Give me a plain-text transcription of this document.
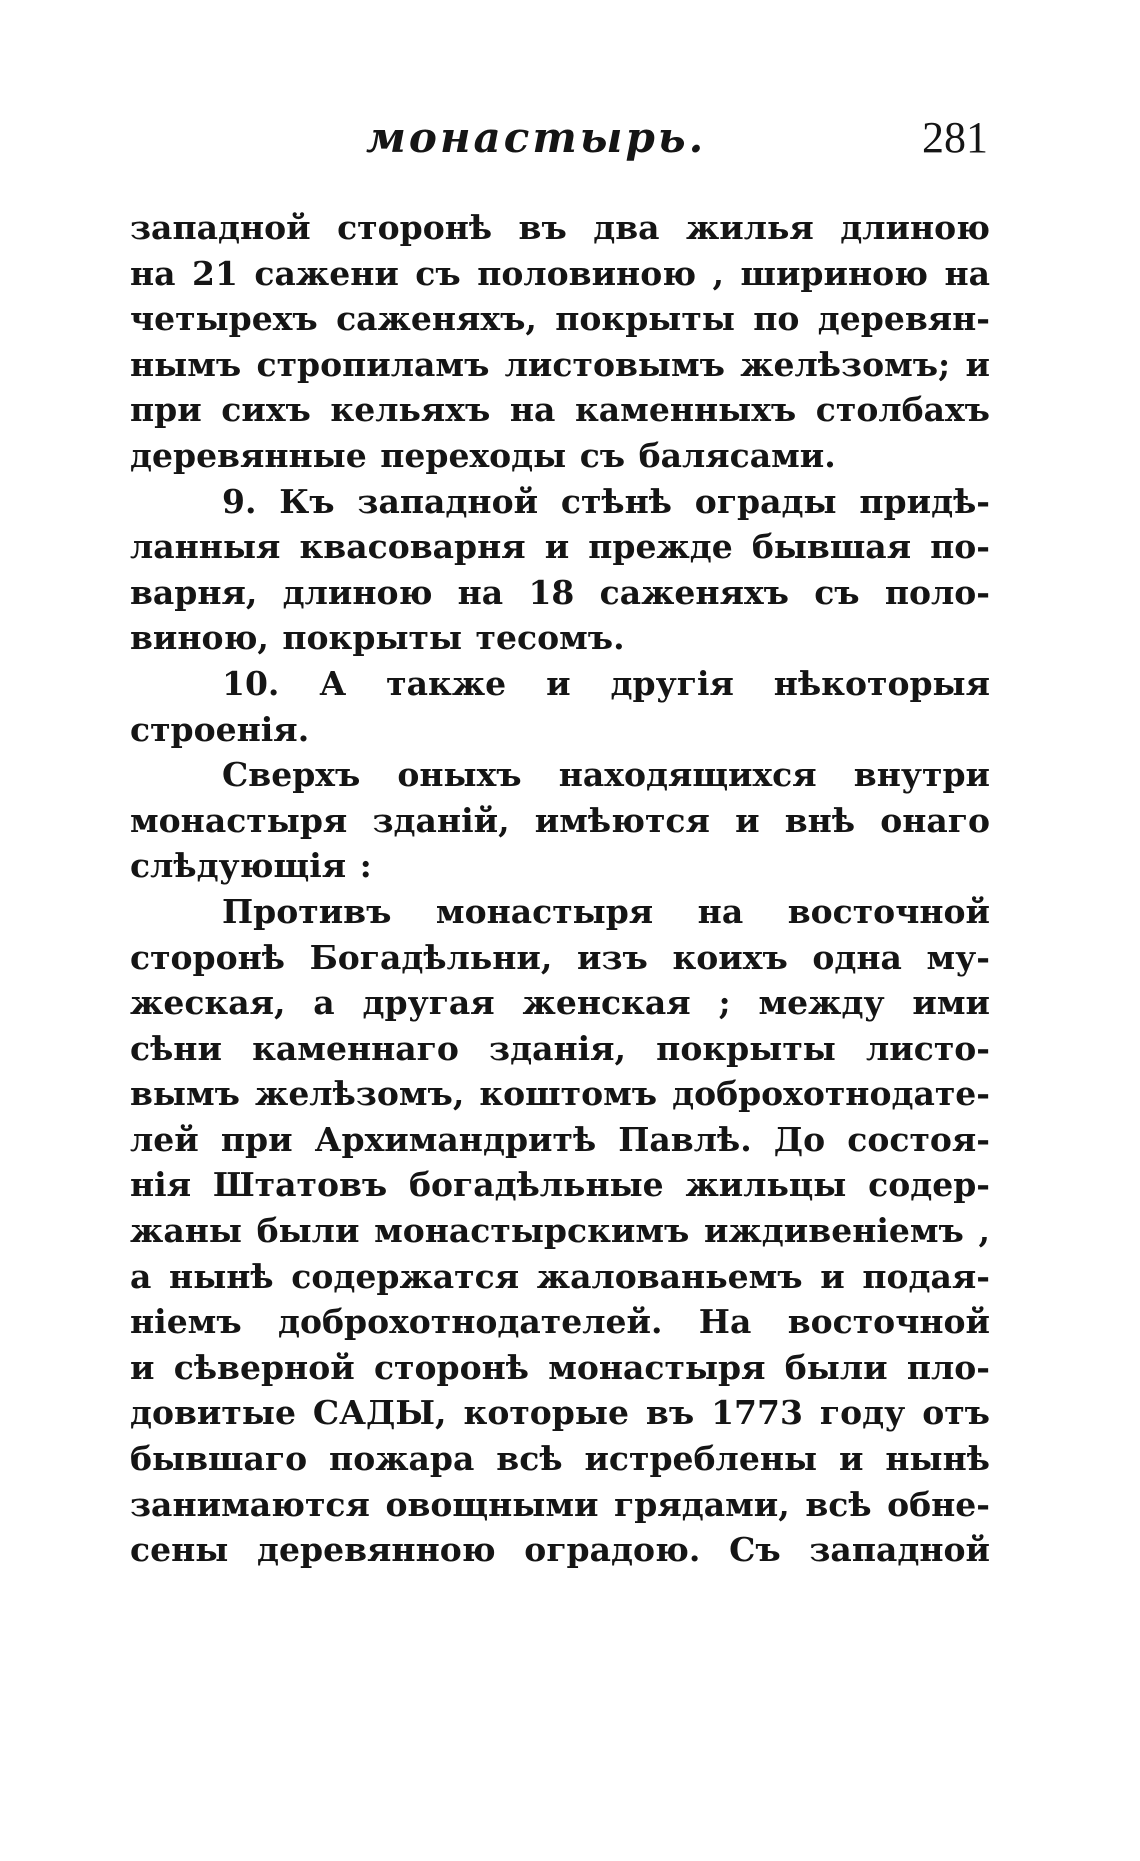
монастырь.	281
западной сторонѣ въ два жилья длиною
на 21 сажени съ половиною , шириною на
четырехъ саженяхъ, покрыты по деревян-
нымъ стропиламъ листовымъ желѣзомъ; и
при сихъ кельяхъ на каменныхъ столбахъ
деревянные переходы съ балясами.
9. Къ западной стѣнѣ ограды придѣ-
ланныя квасоварня и прежде бывшая по-
варня, длиною на 18 саженяхъ съ поло-
виною, покрыты тесомъ.
10. А также и другія нѣкоторыя
строенія.
Сверхъ оныхъ находящихся внутри
монастыря зданій, имѣются и внѣ онаго
слѣдующія :
Противъ монастыря на восточной
сторонѣ Богадѣльни, изъ коихъ одна му-
жеская, а другая женская ; между ими
сѣни каменнаго зданія, покрыты листо-
вымъ желѣзомъ, коштомъ доброхотнодате-
лей при Архимандритѣ Павлѣ. До состоя-
нія Штатовъ богадѣльные жильцы содер-
жаны были монастырскимъ иждивеніемъ ,
а нынѣ содержатся жалованьемъ и подая-
ніемъ доброхотнодателей. На восточной
и сѣверной сторонѣ монастыря были пло-
довитые САДЫ, которые въ 1773 году отъ
бывшаго пожара всѣ истреблены и нынѣ
занимаются овощными грядами, всѣ обне-
сены деревянною оградою. Съ западной
